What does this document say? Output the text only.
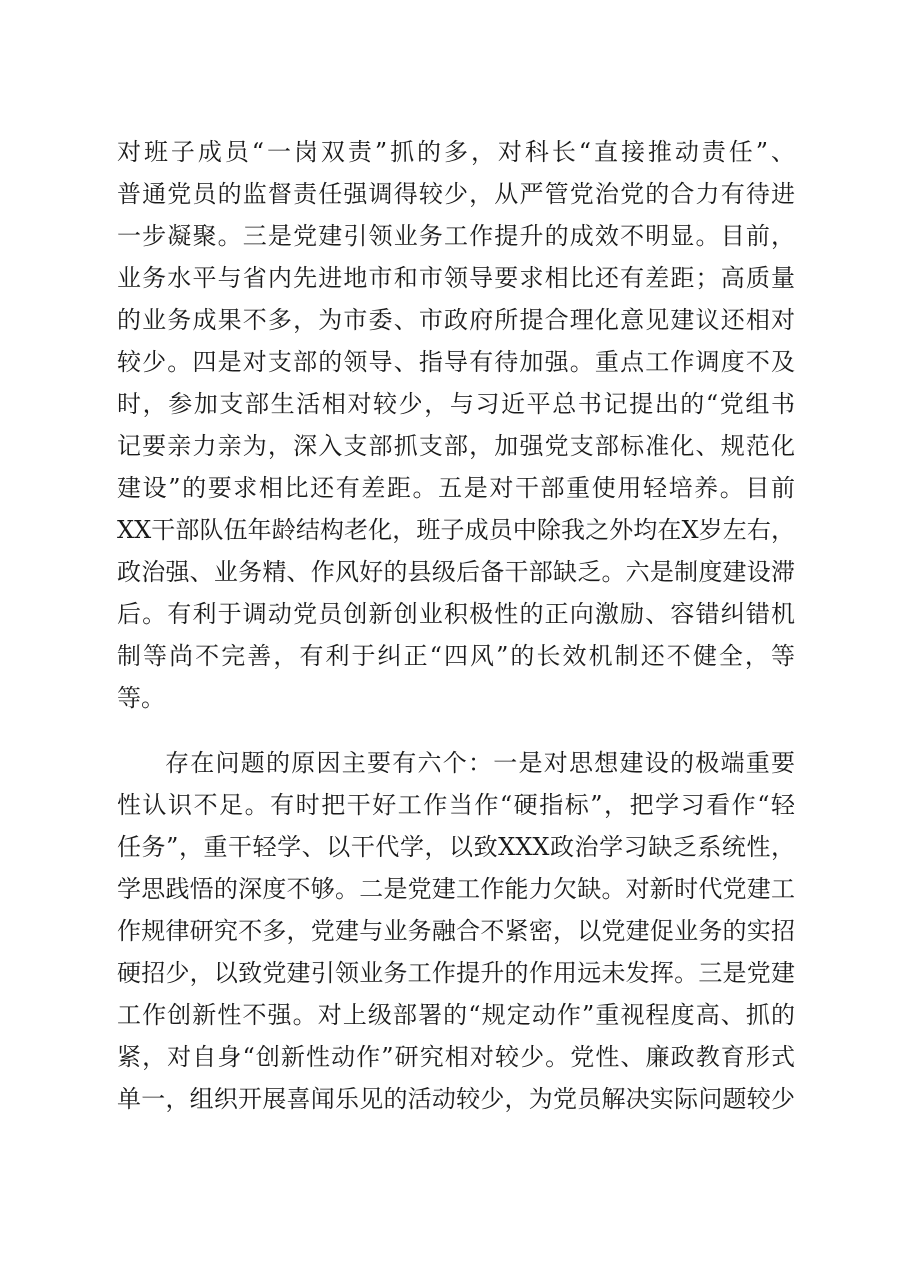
对班子成员“一岗双责”抓的多，对科长“直接推动责任”、
普通党员的监督责任强调得较少，从严管党治党的合力有待进
一步凝聚。三是党建引领业务工作提升的成效不明显。目前，
业务水平与省内先进地市和市领导要求相比还有差距；高质量
的业务成果不多，为市委、市政府所提合理化意见建议还相对
较少。四是对支部的领导、指导有待加强。重点工作调度不及
时，参加支部生活相对较少，与习近平总书记提出的“党组书
记要亲力亲为，深入支部抓支部，加强党支部标准化、规范化
建设”的要求相比还有差距。五是对干部重使用轻培养。目前
XX干部队伍年龄结构老化，班子成员中除我之外均在X岁左右，
政治强、业务精、作风好的县级后备干部缺乏。六是制度建设滞
后。有利于调动党员创新创业积极性的正向激励、容错纠错机
制等尚不完善，有利于纠正“四风”的长效机制还不健全，等
等。
存在问题的原因主要有六个：一是对思想建设的极端重要
性认识不足。有时把干好工作当作“硬指标”，把学习看作“轻
任务”，重干轻学、以干代学，以致XXX政治学习缺乏系统性，
学思践悟的深度不够。二是党建工作能力欠缺。对新时代党建工
作规律研究不多，党建与业务融合不紧密，以党建促业务的实招
硬招少，以致党建引领业务工作提升的作用远未发挥。三是党建
工作创新性不强。对上级部署的“规定动作”重视程度高、抓的
紧，对自身“创新性动作”研究相对较少。党性、廉政教育形式
单一，组织开展喜闻乐见的活动较少，为党员解决实际问题较少
